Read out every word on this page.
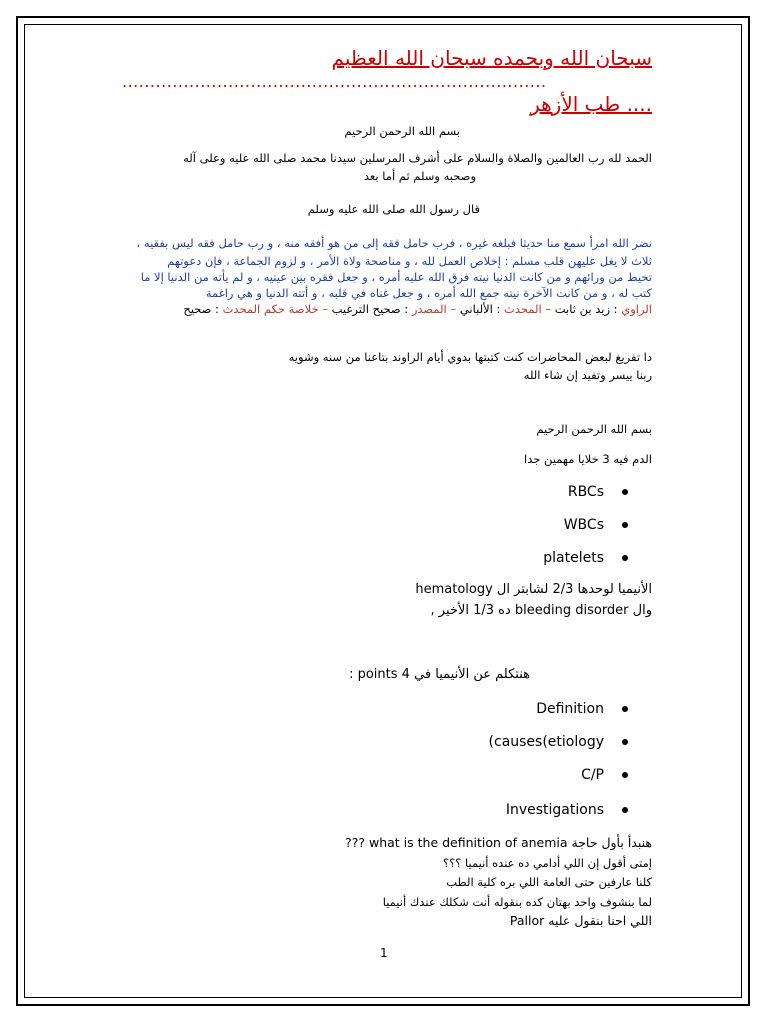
سبحان الله وبحمده سبحان الله العظيم
............................................................................
.... طب الأزهر
بسم الله الرحمن الرحيم
الحمد لله رب العالمين والصلاة والسلام على أشرف المرسلين سيدنا محمد صلى الله عليه وعلى آله
وصحبه وسلم ثم أما بعد
قال رسول الله صلى الله عليه وسلم
نضر الله امرأ سمع منا حديثا فبلغه غيره ، فرب حامل فقه إلى من هو أفقه منه ، و رب حامل فقه ليس بفقيه ،
ثلاث لا يغل عليهن قلب مسلم : إخلاص العمل لله ، و مناصحة ولاة الأمر ، و لزوم الجماعة ، فإن دعوتهم
تحيط من ورائهم و من كانت الدنيا نيته فرق الله عليه أمره ، و جعل فقره بين عينيه ، و لم يأته من الدنيا إلا ما
كتب له ، و من كانت الآخرة نيته جمع الله أمره ، و جعل غناه في قلبه ، و أتته الدنيا و هي راغمة
الراوي : زيد بن ثابت – المحدث : الألباني – المصدر : صحيح الترغيب – خلاصة حكم المحدث : صحيح
دا تفريغ لبعض المحاضرات كنت كتبتها بدوي أيام الراوند بتاعنا من سنه وشويه
ربنا ييسر وتفيد إن شاء الله
بسم الله الرحمن الرحيم
الدم فيه 3 خلايا مهمين جدا
RBCs
WBCs
platelets
الأنيميا لوحدها 2/3 لشابتر ال hematology
وال bleeding disorder ده 1/3 الأخير ,
هنتكلم عن الأنيميا في 4 points :
Definition
(causes(etiology
C/P
Investigations
هنبدأ بأول حاجة what is the definition of anemia ???
إمتى أقول إن اللي أدامي ده عنده أنيميا ؟؟؟
كلنا عارفين حتى العامة اللي بره كلية الطب
لما بنشوف واحد بهتان كده بنقوله أنت شكلك عندك أنيميا
اللي احنا بنقول عليه Pallor
1
